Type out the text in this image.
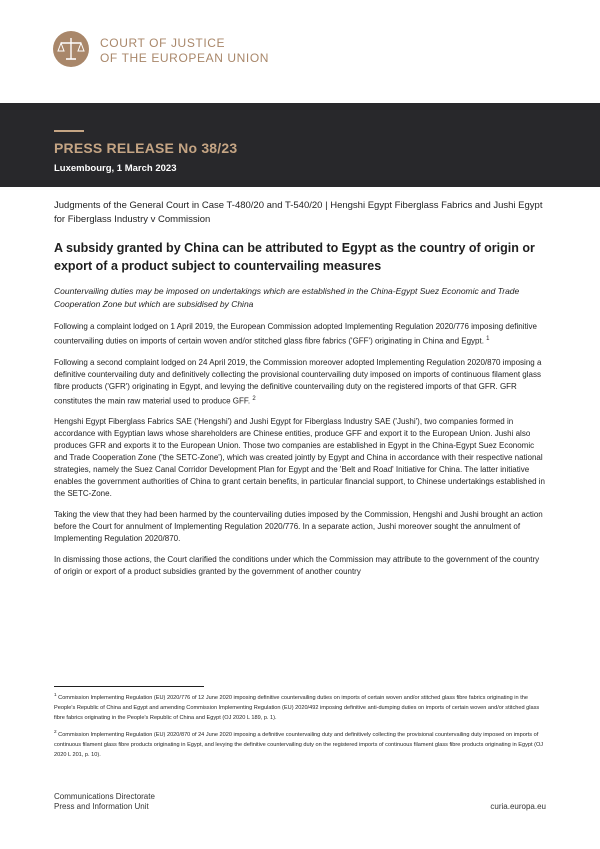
COURT OF JUSTICE
OF THE EUROPEAN UNION
PRESS RELEASE No 38/23
Luxembourg, 1 March 2023

Judgments of the General Court in Case T-480/20 and T-540/20 | Hengshi Egypt Fiberglass Fabrics and Jushi Egypt for Fiberglass Industry v Commission

A subsidy granted by China can be attributed to Egypt as the country of origin or export of a product subject to countervailing measures

Countervailing duties may be imposed on undertakings which are established in the China-Egypt Suez Economic and Trade Cooperation Zone but which are subsidised by China

Following a complaint lodged on 1 April 2019, the European Commission adopted Implementing Regulation 2020/776 imposing definitive countervailing duties on imports of certain woven and/or stitched glass fibre fabrics ('GFF') originating in China and Egypt. $^1$

Following a second complaint lodged on 24 April 2019, the Commission moreover adopted Implementing Regulation 2020/870 imposing a definitive countervailing duty and definitively collecting the provisional countervailing duty imposed on imports of continuous filament glass fibre products ('GFR') originating in Egypt, and levying the definitive countervailing duty on the registered imports of that GFR. GFR constitutes the main raw material used to produce GFF. $^2$

Hengshi Egypt Fiberglass Fabrics SAE ('Hengshi') and Jushi Egypt for Fiberglass Industry SAE ('Jushi'), two companies formed in accordance with Egyptian laws whose shareholders are Chinese entities, produce GFF and export it to the European Union. Jushi also produces GFR and exports it to the European Union. Those two companies are established in Egypt in the China-Egypt Suez Economic and Trade Cooperation Zone ('the SETC-Zone'), which was created jointly by Egypt and China in accordance with their respective national strategies, namely the Suez Canal Corridor Development Plan for Egypt and the 'Belt and Road' Initiative for China. The latter initiative enables the government authorities of China to grant certain benefits, in particular financial support, to Chinese undertakings established in the SETC-Zone.

Taking the view that they had been harmed by the countervailing duties imposed by the Commission, Hengshi and Jushi brought an action before the Court for annulment of Implementing Regulation 2020/776. In a separate action, Jushi moreover sought the annulment of Implementing Regulation 2020/870.

In dismissing those actions, the Court clarified the conditions under which the Commission may attribute to the government of the country of origin or export of a product subsidies granted by the government of another country

$^1$ Commission Implementing Regulation (EU) 2020/776 of 12 June 2020 imposing definitive countervailing duties on imports of certain woven and/or stitched glass fibre fabrics originating in the People's Republic of China and Egypt and amending Commission Implementing Regulation (EU) 2020/492 imposing definitive anti-dumping duties on imports of certain woven and/or stitched glass fibre fabrics originating in the People's Republic of China and Egypt (OJ 2020 L 189, p. 1).

$^2$ Commission Implementing Regulation (EU) 2020/870 of 24 June 2020 imposing a definitive countervailing duty and definitively collecting the provisional countervailing duty imposed on imports of continuous filament glass fibre products originating in Egypt, and levying the definitive countervailing duty on the registered imports of continuous filament glass fibre products originating in Egypt (OJ 2020 L 201, p. 10).

Communications Directorate
Press and Information Unit	curia.europa.eu
